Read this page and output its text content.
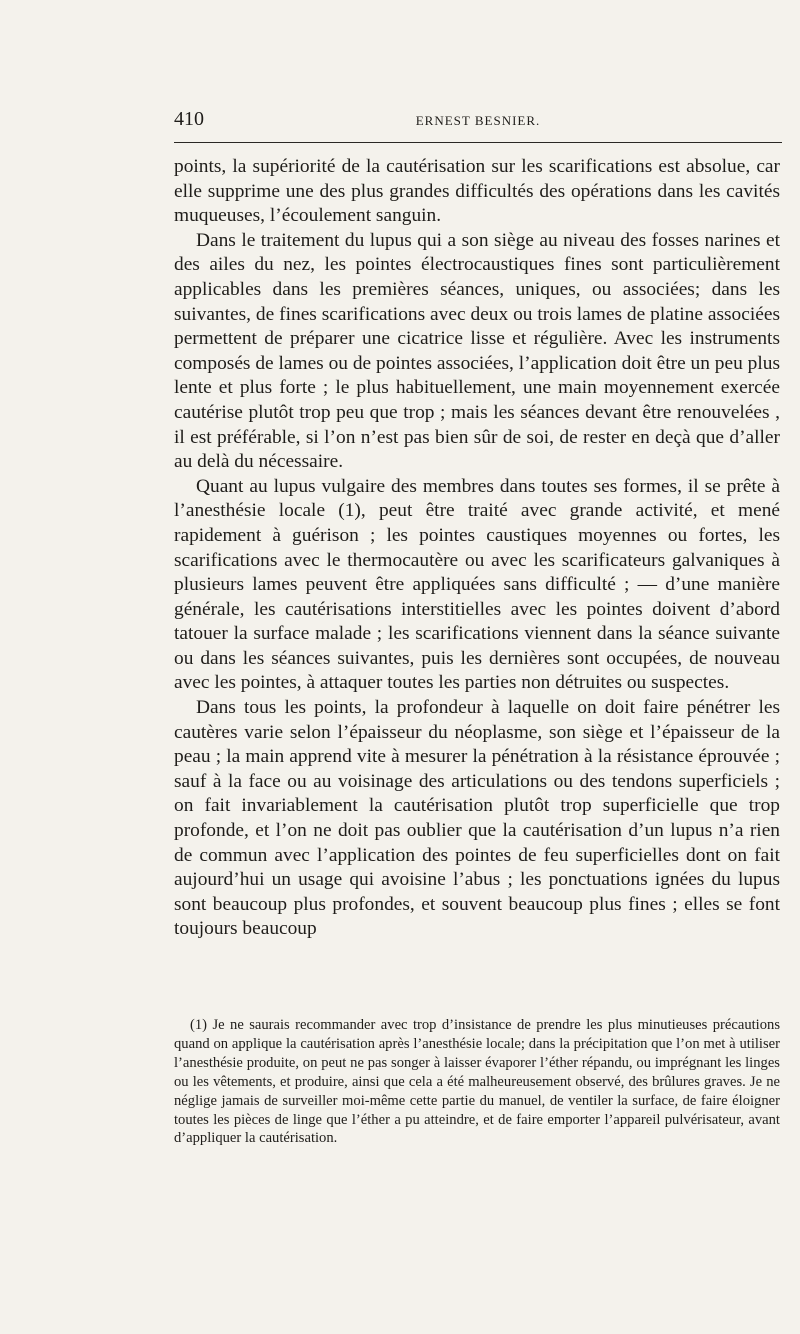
410	ERNEST BESNIER.

points, la supériorité de la cautérisation sur les scarifications est absolue, car elle supprime une des plus grandes difficultés des opérations dans les cavités muqueuses, l’écoulement sanguin.

Dans le traitement du lupus qui a son siège au niveau des fosses narines et des ailes du nez, les pointes électrocaustiques fines sont particulièrement applicables dans les premières séances, uniques, ou associées; dans les suivantes, de fines scarifications avec deux ou trois lames de platine associées permettent de préparer une cicatrice lisse et régulière. Avec les instruments composés de lames ou de pointes associées, l’application doit être un peu plus lente et plus forte ; le plus habituellement, une main moyennement exercée cautérise plutôt trop peu que trop ; mais les séances devant être renouvelées , il est préférable, si l’on n’est pas bien sûr de soi, de rester en deçà que d’aller au delà du nécessaire.

Quant au lupus vulgaire des membres dans toutes ses formes, il se prête à l’anesthésie locale (1), peut être traité avec grande activité, et mené rapidement à guérison ; les pointes caustiques moyennes ou fortes, les scarifications avec le thermocautère ou avec les scarificateurs galvaniques à plusieurs lames peuvent être appliquées sans difficulté ; — d’une manière générale, les cautérisations interstitielles avec les pointes doivent d’abord tatouer la surface malade ; les scarifications viennent dans la séance suivante ou dans les séances suivantes, puis les dernières sont occupées, de nouveau avec les pointes, à attaquer toutes les parties non détruites ou suspectes.

Dans tous les points, la profondeur à laquelle on doit faire pénétrer les cautères varie selon l’épaisseur du néoplasme, son siège et l’épaisseur de la peau ; la main apprend vite à mesurer la pénétration à la résistance éprouvée ; sauf à la face ou au voisinage des articulations ou des tendons superficiels ; on fait invariablement la cautérisation plutôt trop superficielle que trop profonde, et l’on ne doit pas oublier que la cautérisation d’un lupus n’a rien de commun avec l’application des pointes de feu superficielles dont on fait aujourd’hui un usage qui avoisine l’abus ; les ponctuations ignées du lupus sont beaucoup plus profondes, et souvent beaucoup plus fines ; elles se font toujours beaucoup

(1) Je ne saurais recommander avec trop d’insistance de prendre les plus minutieuses précautions quand on applique la cautérisation après l’anesthésie locale; dans la précipitation que l’on met à utiliser l’anesthésie produite, on peut ne pas songer à laisser évaporer l’éther répandu, ou imprégnant les linges ou les vêtements, et produire, ainsi que cela a été malheureusement observé, des brûlures graves. Je ne néglige jamais de surveiller moi-même cette partie du manuel, de ventiler la surface, de faire éloigner toutes les pièces de linge que l’éther a pu atteindre, et de faire emporter l’appareil pulvérisateur, avant d’appliquer la cautérisation.
